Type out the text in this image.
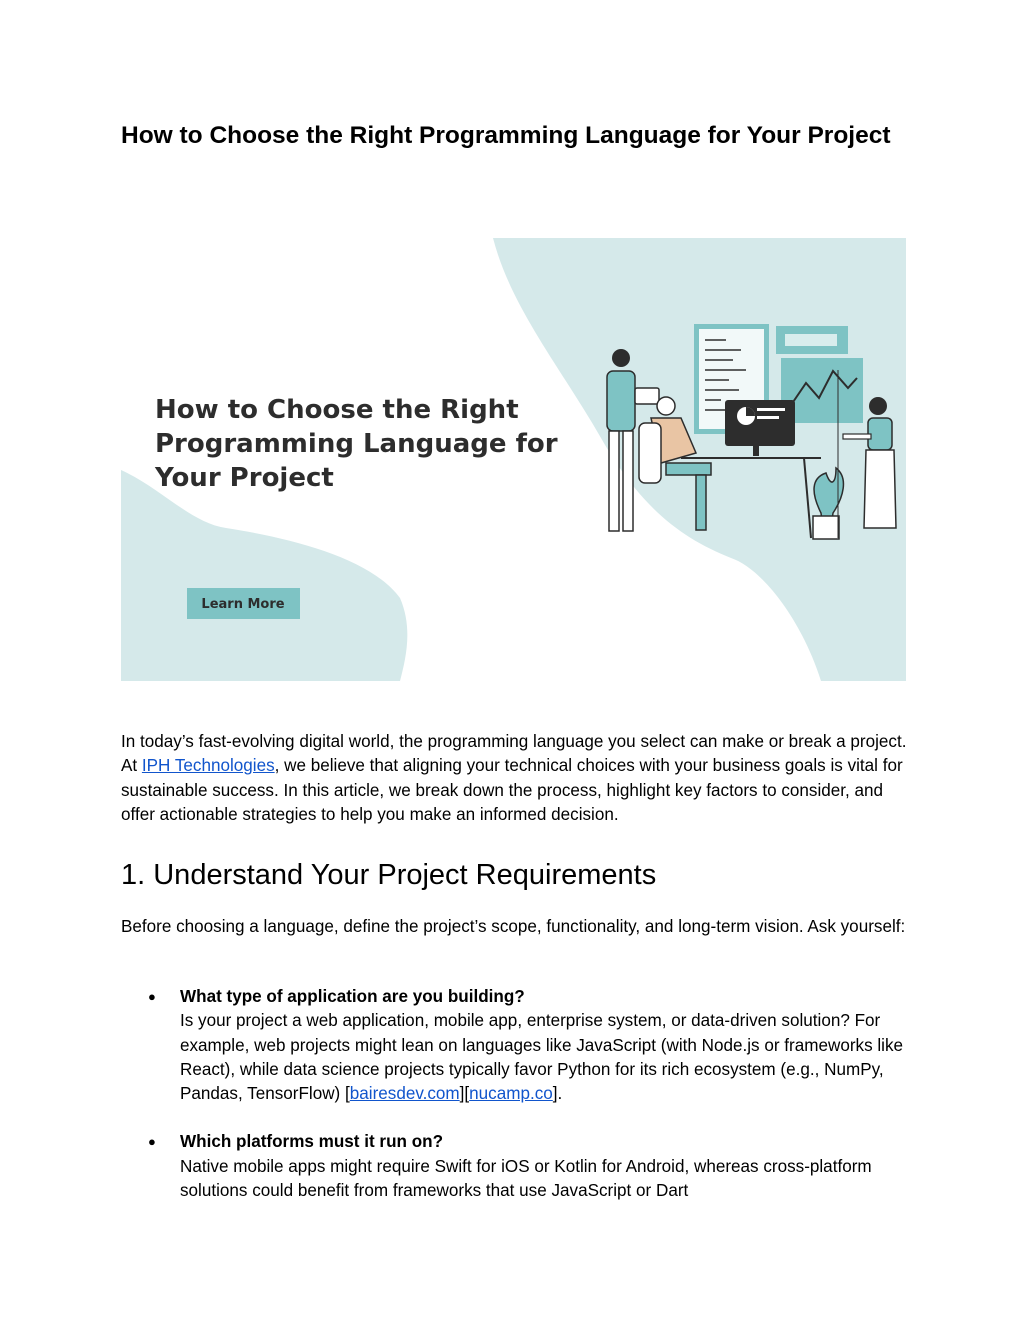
How to Choose the Right Programming Language for Your Project
How to Choose the Right
Programming Language for
Your Project
Learn More

In today’s fast‑evolving digital world, the programming language you select can make or break a project. At IPH Technologies, we believe that aligning your technical choices with your business goals is vital for sustainable success. In this article, we break down the process, highlight key factors to consider, and offer actionable strategies to help you make an informed decision.

1. Understand Your Project Requirements

Before choosing a language, define the project’s scope, functionality, and long‑term vision. Ask yourself:

● What type of application are you building?
Is your project a web application, mobile app, enterprise system, or data‑driven solution? For example, web projects might lean on languages like JavaScript (with Node.js or frameworks like React), while data science projects typically favor Python for its rich ecosystem (e.g., NumPy, Pandas, TensorFlow) [bairesdev.com][nucamp.co].
● Which platforms must it run on?
Native mobile apps might require Swift for iOS or Kotlin for Android, whereas cross‑platform solutions could benefit from frameworks that use JavaScript or Dart
